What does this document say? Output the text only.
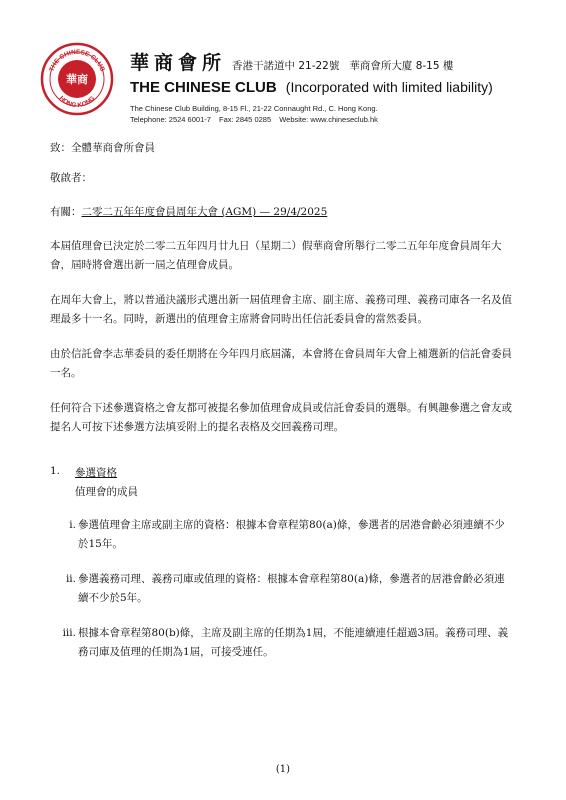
THE CHINESE CLUB
HONG KONG
華商
華商會所 香港干諾道中 21-22號 華商會所大廈 8-15 樓
THE CHINESE CLUB (Incorporated with limited liability)
The Chinese Club Building, 8-15 Fl., 21-22 Connaught Rd., C. Hong Kong.
Telephone: 2524 6001-7 Fax: 2845 0285 Website: www.chineseclub.hk
致：全體華商會所會員
敬啟者：
有關：二零二五年年度會員周年大會 (AGM) — 29/4/2025
本屆值理會已決定於二零二五年四月廿九日（星期二）假華商會所舉行二零二五年年度會員周年大會，屆時將會選出新一屆之值理會成員。
在周年大會上，將以普通決議形式選出新一屆值理會主席、副主席、義務司理、義務司庫各一名及值理最多十一名。同時，新選出的值理會主席將會同時出任信託委員會的當然委員。
由於信託會李志華委員的委任期將在今年四月底屆滿，本會將在會員周年大會上補選新的信託會委員一名。
任何符合下述參選資格之會友都可被提名參加值理會成員或信託會委員的選舉。有興趣參選之會友或提名人可按下述參選方法填妥附上的提名表格及交回義務司理。
1. 參選資格
值理會的成員
i. 參選值理會主席或副主席的資格：根據本會章程第80(a)條，參選者的居港會齡必須連續不少於15年。
ii. 參選義務司理、義務司庫或值理的資格：根據本會章程第80(a)條，參選者的居港會齡必須連續不少於5年。
iii. 根據本會章程第80(b)條，主席及副主席的任期為1屆，不能連續連任超過3屆。義務司理、義務司庫及值理的任期為1屆，可接受連任。
(1)
